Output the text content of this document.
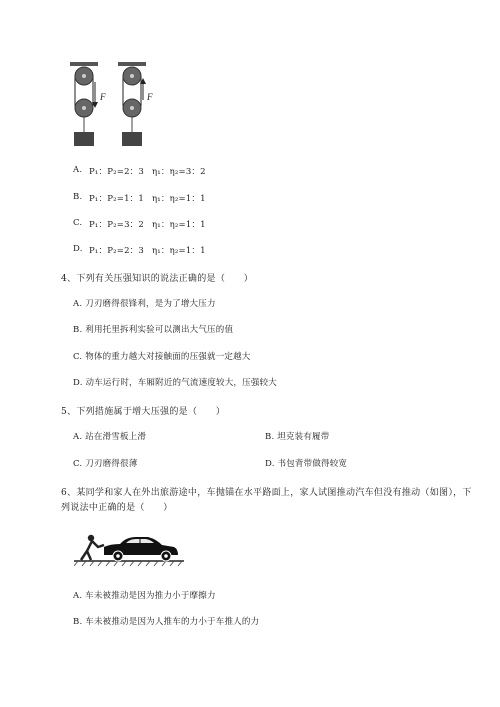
F	F
A. P₁：P₂=2：3 η₁：η₂=3：2
B. P₁：P₂=1：1 η₁：η₂=1：1
C. P₁：P₂=3：2 η₁：η₂=1：1
D. P₁：P₂=2：3 η₁：η₂=1：1
4、下列有关压强知识的说法正确的是（　　）
A. 刀刃磨得很锋利，是为了增大压力
B. 利用托里拆利实验可以测出大气压的值
C. 物体的重力越大对接触面的压强就一定越大
D. 动车运行时，车厢附近的气流速度较大，压强较大
5、下列措施属于增大压强的是（　　）
A. 站在滑雪板上滑	B. 坦克装有履带
C. 刀刃磨得很薄	D. 书包背带做得较宽
6、某同学和家人在外出旅游途中，车抛锚在水平路面上，家人试图推动汽车但没有推动（如图），下
列说法中正确的是（　　）
A. 车未被推动是因为推力小于摩擦力
B. 车未被推动是因为人推车的力小于车推人的力
